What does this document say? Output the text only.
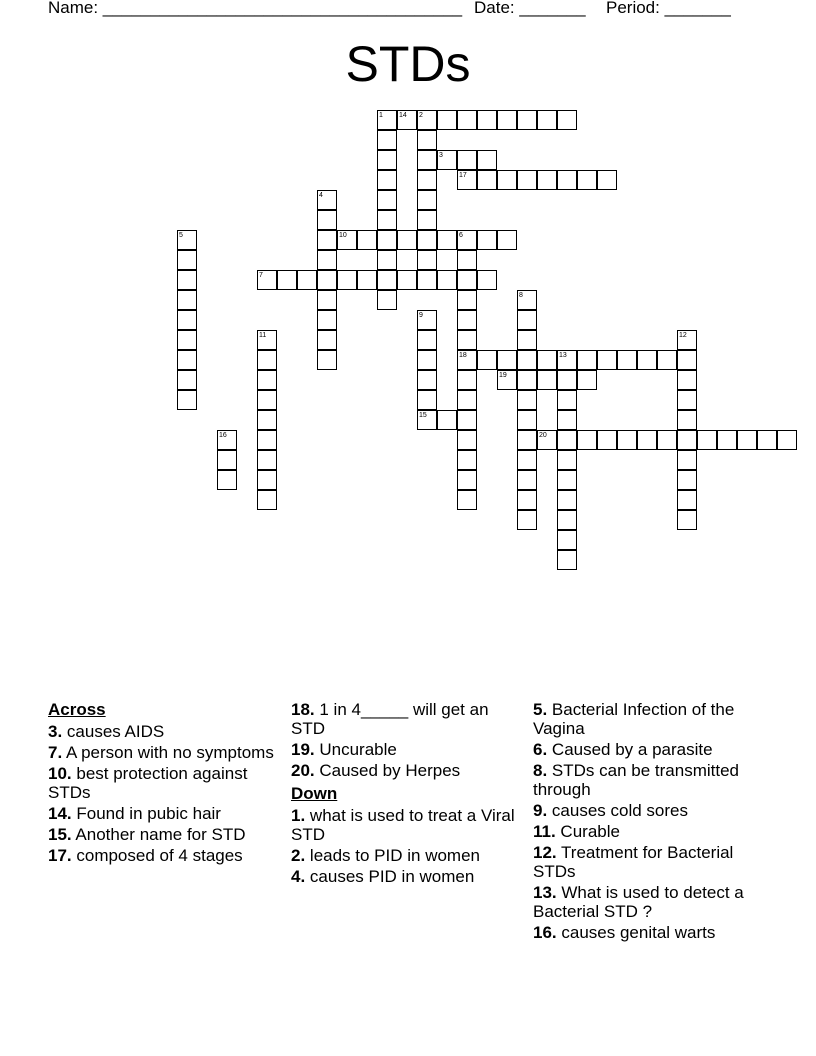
Name: ______________________________________ Date: _______ Period: _______
STDs
3
7
10	6
14 2
15
17
18	13
19
20
1
4
5
8
9
11	12
16
Across
3. causes AIDS
7. A person with no symptoms
10. best protection against STDs
14. Found in pubic hair
15. Another name for STD
17. composed of 4 stages
18. 1 in 4_____ will get an STD
19. Uncurable
20. Caused by Herpes
Down
1. what is used to treat a Viral STD
2. leads to PID in women
4. causes PID in women
5. Bacterial Infection of the Vagina
6. Caused by a parasite
8. STDs can be transmitted through
9. causes cold sores
11. Curable
12. Treatment for Bacterial STDs
13. What is used to detect a Bacterial STD ?
16. causes genital warts
